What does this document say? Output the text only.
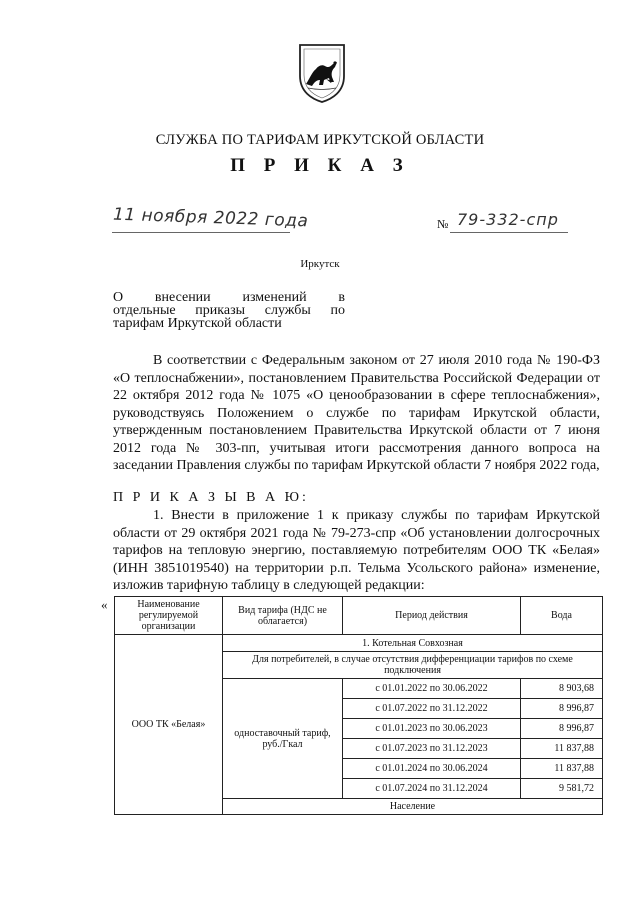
СЛУЖБА ПО ТАРИФАМ ИРКУТСКОЙ ОБЛАСТИ
П Р И К А З
11 ноября 2022 года	№ 79-332-спр
Иркутск
О внесении изменений в
отдельные приказы службы по
тарифам Иркутской области
В соответствии с Федеральным законом от 27 июля 2010 года № 190-ФЗ «О теплоснабжении», постановлением Правительства Российской Федерации от 22 октября 2012 года № 1075 «О ценообразовании в сфере теплоснабжения», руководствуясь Положением о службе по тарифам Иркутской области, утвержденным постановлением Правительства Иркутской области от 7 июня 2012 года № 303-пп, учитывая итоги рассмотрения данного вопроса на заседании Правления службы по тарифам Иркутской области 7 ноября 2022 года,
П Р И К А З Ы В А Ю:
1. Внести в приложение 1 к приказу службы по тарифам Иркутской области от 29 октября 2021 года № 79-273-спр «Об установлении долгосрочных тарифов на тепловую энергию, поставляемую потребителям ООО ТК «Белая» (ИНН 3851019540) на территории р.п. Тельма Усольского района» изменение, изложив тарифную таблицу в следующей редакции:
«	Наименование регулируемой организации	Вид тарифа (НДС не облагается)	Период действия	Вода
ООО ТК «Белая»	1. Котельная Совхозная		
	Для потребителей, в случае отсутствия дифференциации тарифов по схеме подключения		
	одноставочный тариф, руб./Гкал	с 01.01.2022 по 30.06.2022	8 903,68
		с 01.07.2022 по 31.12.2022	8 996,87
		с 01.01.2023 по 30.06.2023	8 996,87
		с 01.07.2023 по 31.12.2023	11 837,88
		с 01.01.2024 по 30.06.2024	11 837,88
		с 01.07.2024 по 31.12.2024	9 581,72
	Население		
